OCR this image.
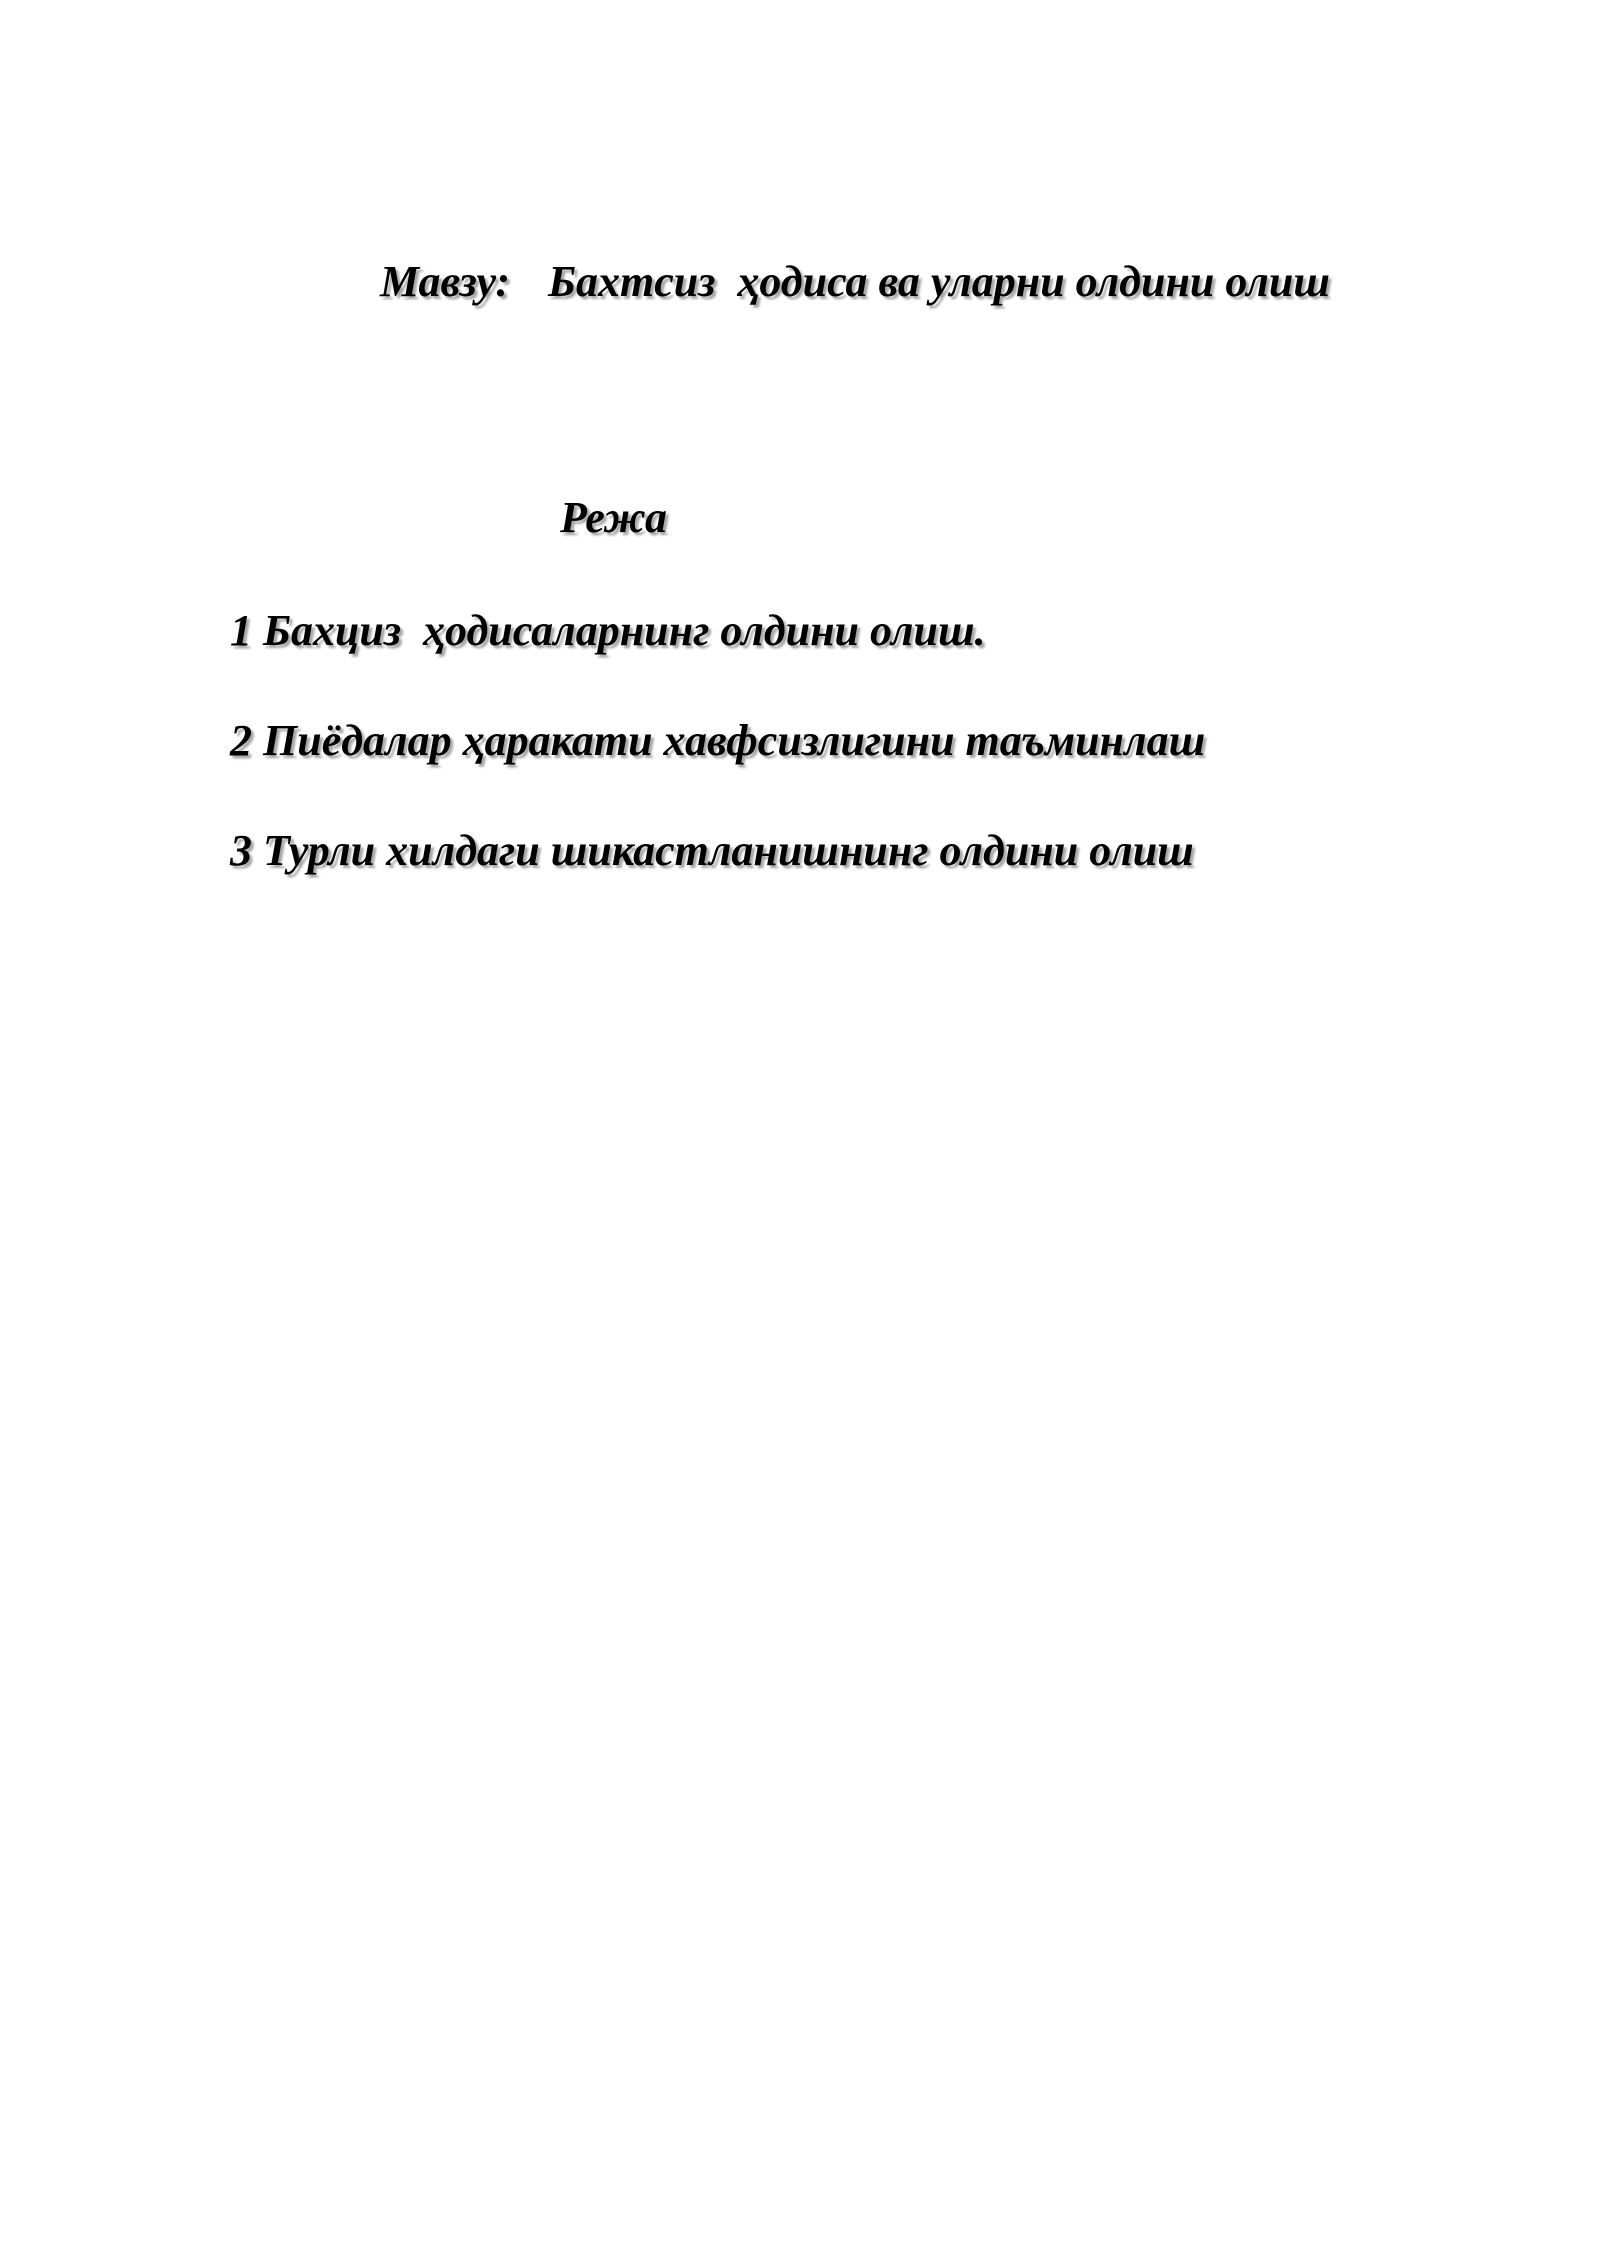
Мавзу: Бахтсиз  ҳодиса ва уларни олдини олиш

Режа
1 Бахциз  ҳодисаларнинг олдини олиш.
2 Пиёдалар ҳаракати хавфсизлигини таъминлаш
3 Турли хилдаги шикастланишнинг олдини олиш
